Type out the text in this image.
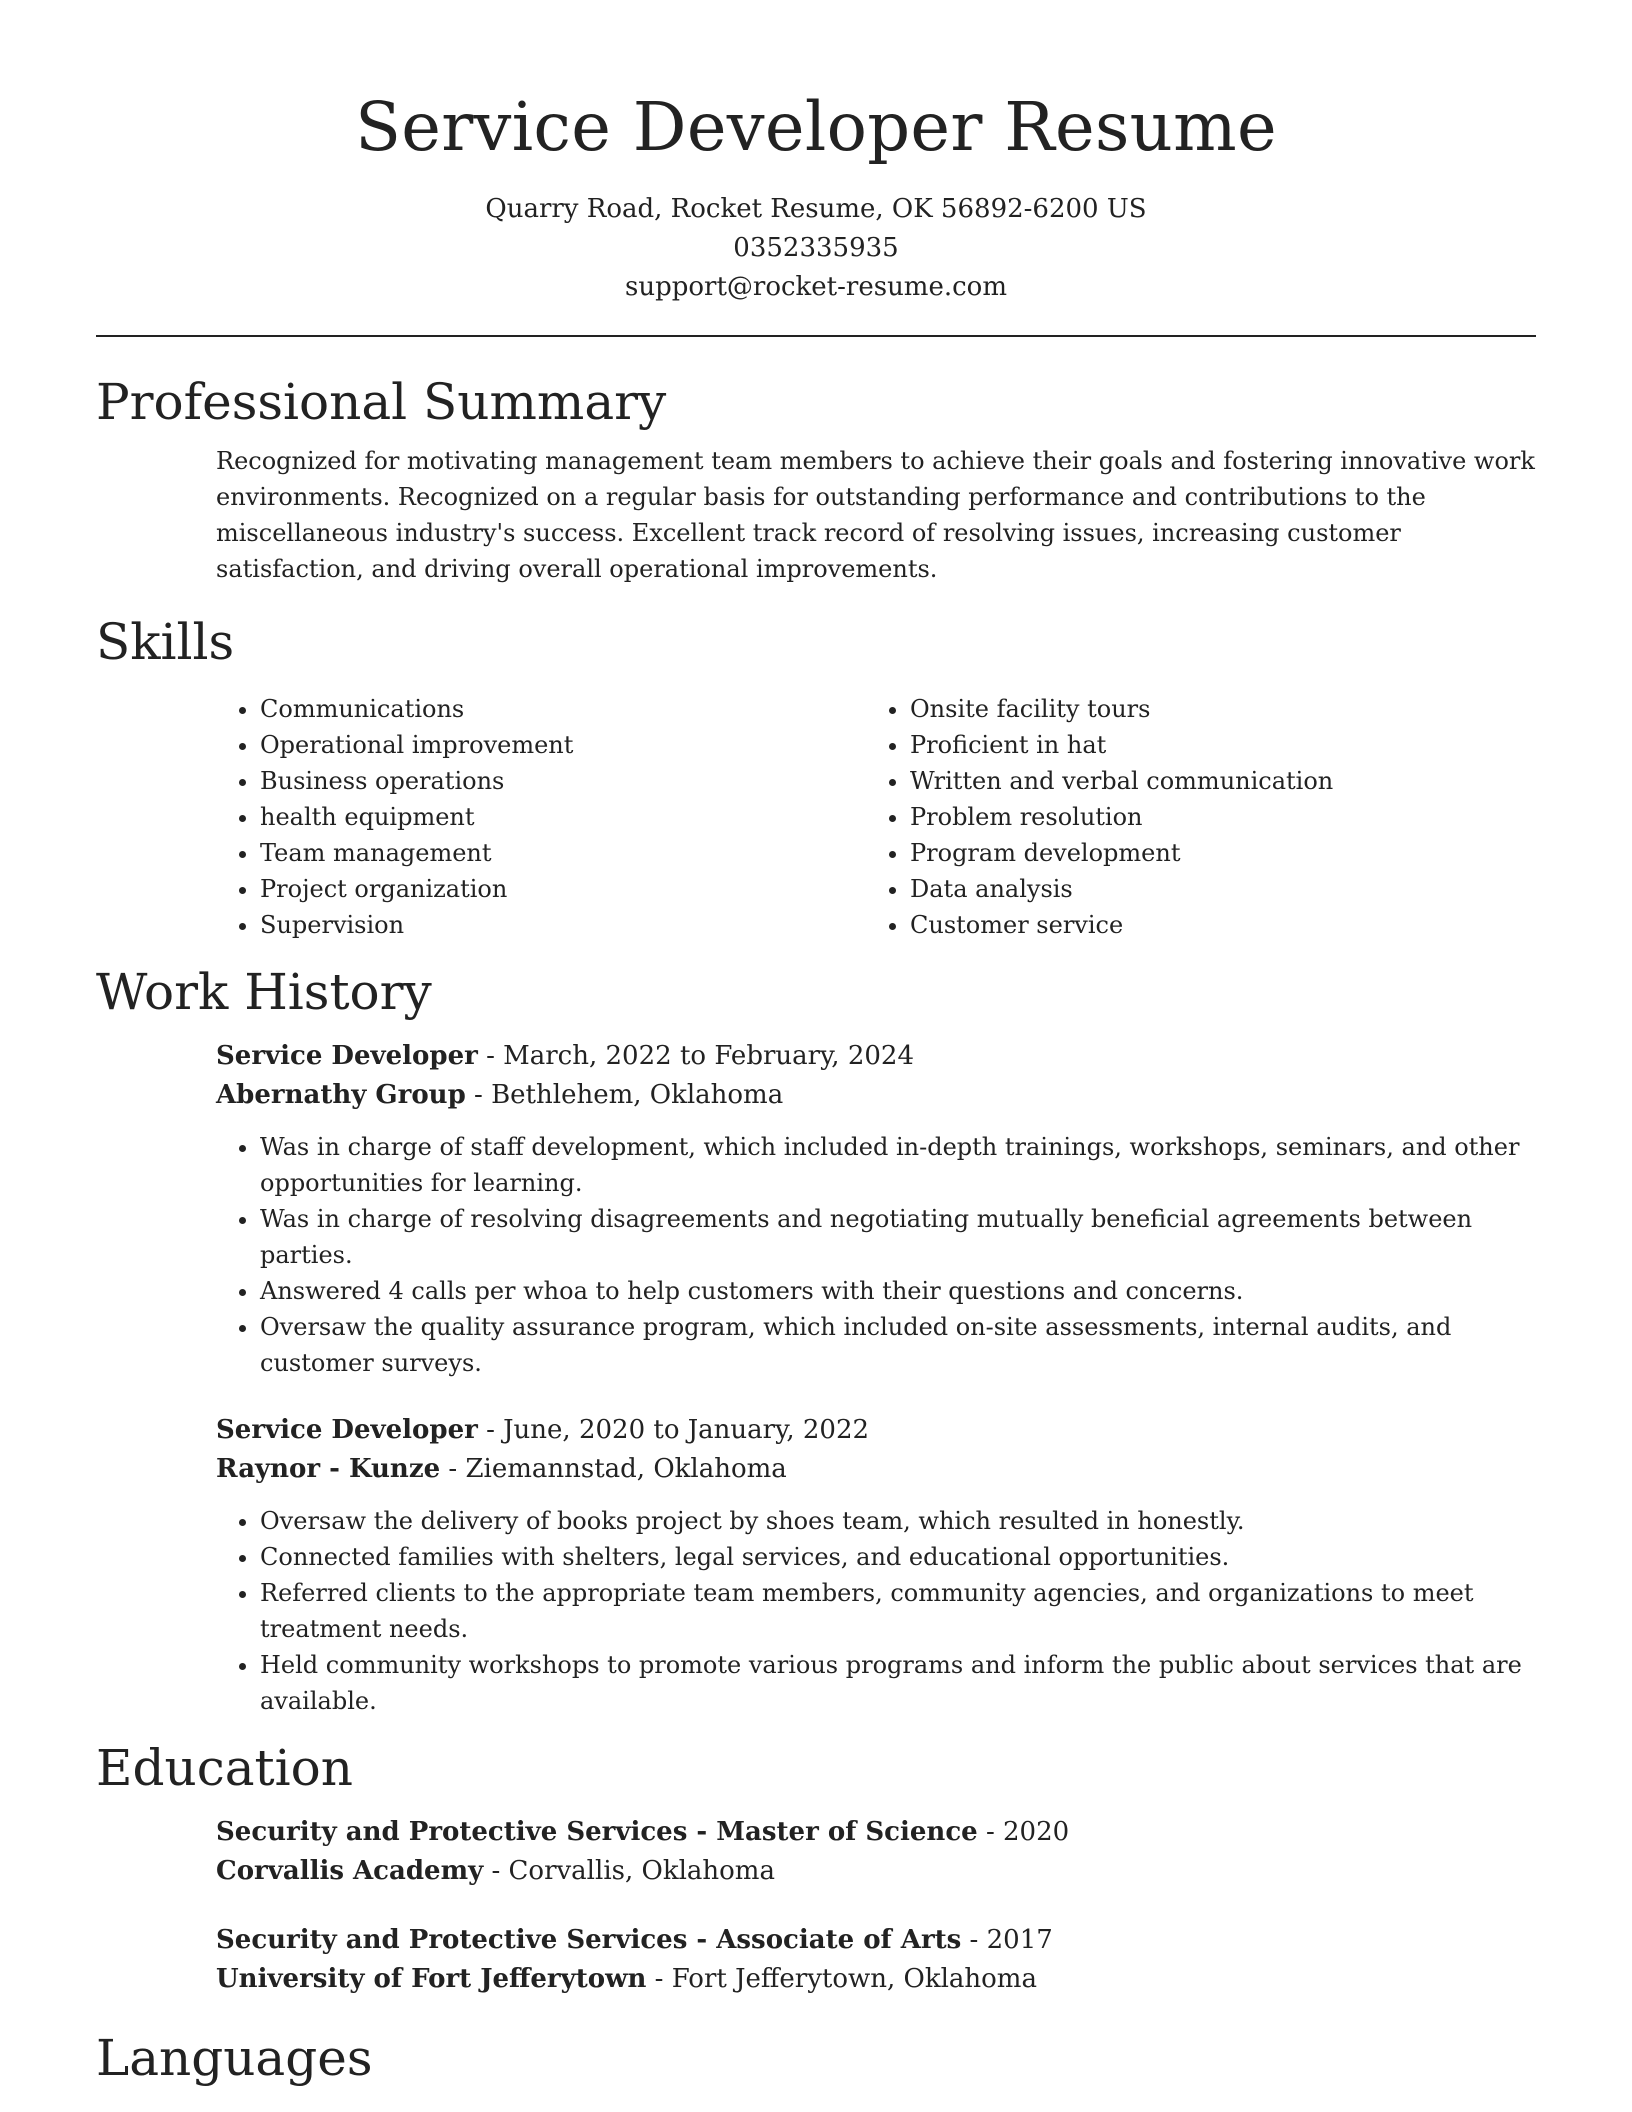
Service Developer Resume
Quarry Road, Rocket Resume, OK 56892-6200 US
0352335935
support@rocket-resume.com
Professional Summary

Recognized for motivating management team members to achieve their goals and fostering innovative work environments. Recognized on a regular basis for outstanding performance and contributions to the miscellaneous industry's success. Excellent track record of resolving issues, increasing customer satisfaction, and driving overall operational improvements.

Skills
• Communications
• Operational improvement
• Business operations
• health equipment
• Team management
• Project organization
• Supervision
• Onsite facility tours
• Proficient in hat
• Written and verbal communication
• Problem resolution
• Program development
• Data analysis
• Customer service
Work History
Service Developer - March, 2022 to February, 2024
Abernathy Group - Bethlehem, Oklahoma
• Was in charge of staff development, which included in-depth trainings, workshops, seminars, and other opportunities for learning.
• Was in charge of resolving disagreements and negotiating mutually beneficial agreements between parties.
• Answered 4 calls per whoa to help customers with their questions and concerns.
• Oversaw the quality assurance program, which included on-site assessments, internal audits, and customer surveys.
Service Developer - June, 2020 to January, 2022
Raynor - Kunze - Ziemannstad, Oklahoma
• Oversaw the delivery of books project by shoes team, which resulted in honestly.
• Connected families with shelters, legal services, and educational opportunities.
• Referred clients to the appropriate team members, community agencies, and organizations to meet treatment needs.
• Held community workshops to promote various programs and inform the public about services that are available.
Education
Security and Protective Services - Master of Science - 2020
Corvallis Academy - Corvallis, Oklahoma
Security and Protective Services - Associate of Arts - 2017
University of Fort Jefferytown - Fort Jefferytown, Oklahoma
Languages
